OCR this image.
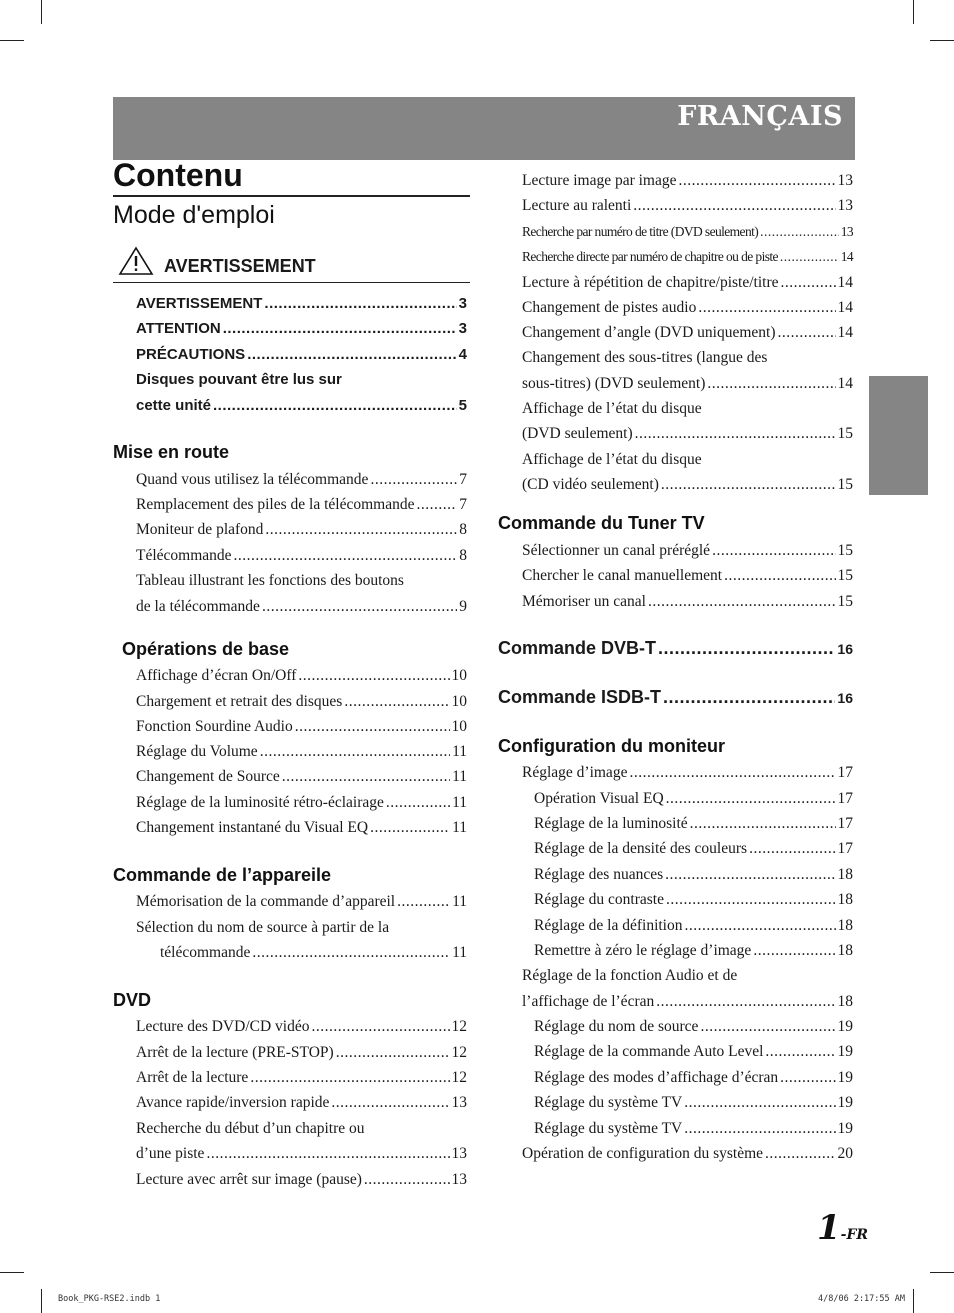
FRANÇAIS
Contenu
Mode d'emploi
AVERTISSEMENT
AVERTISSEMENT .....	3
ATTENTION .....	3
PRÉCAUTIONS .....	4
Disques pouvant être lus sur
cette unité .....	5
Mise en route
Quand vous utilisez la télécommande .....	7
Remplacement des piles de la télécommande .....	7
Moniteur de plafond .....	8
Télécommande .....	8
Tableau illustrant les fonctions des boutons
de la télécommande .....	9
Opérations de base
Affichage d’écran On/Off .....	10
Chargement et retrait des disques .....	10
Fonction Sourdine Audio .....	10
Réglage du Volume .....	11
Changement de Source .....	11
Réglage de la luminosité rétro-éclairage .....	11
Changement instantané du Visual EQ .....	11
Commande de l’appareile
Mémorisation de la commande d’appareil .....	11
Sélection du nom de source à partir de la
télécommande .....	11
DVD
Lecture des DVD/CD vidéo .....	12
Arrêt de la lecture (PRE-STOP) .....	12
Arrêt de la lecture .....	12
Avance rapide/inversion rapide .....	13
Recherche du début d’un chapitre ou
d’une piste .....	13
Lecture avec arrêt sur image (pause) .....	13
Lecture image par image .....	13
Lecture au ralenti .....	13
Recherche par numéro de titre (DVD seulement) .....	13
Recherche directe par numéro de chapitre ou de piste .....	14
Lecture à répétition de chapitre/piste/titre .....	14
Changement de pistes audio .....	14
Changement d’angle (DVD uniquement) .....	14
Changement des sous-titres (langue des
sous-titres) (DVD seulement) .....	14
Affichage de l’état du disque
(DVD seulement) .....	15
Affichage de l’état du disque
(CD vidéo seulement) .....	15
Commande du Tuner TV
Sélectionner un canal préréglé .....	15
Chercher le canal manuellement .....	15
Mémoriser un canal .....	15
Commande DVB-T .....	16
Commande ISDB-T .....	16
Configuration du moniteur
Réglage d’image .....	17
Opération Visual EQ .....	17
Réglage de la luminosité .....	17
Réglage de la densité des couleurs .....	17
Réglage des nuances .....	18
Réglage du contraste .....	18
Réglage de la définition .....	18
Remettre à zéro le réglage d’image .....	18
Réglage de la fonction Audio et de
l’affichage de l’écran .....	18
Réglage du nom de source .....	19
Réglage de la commande Auto Level .....	19
Réglage des modes d’affichage d’écran .....	19
Réglage du système TV .....	19
Réglage du système TV .....	19
Opération de configuration du système .....	20
1-FR
Book_PKG-RSE2.indb 1	4/8/06 2:17:55 AM
